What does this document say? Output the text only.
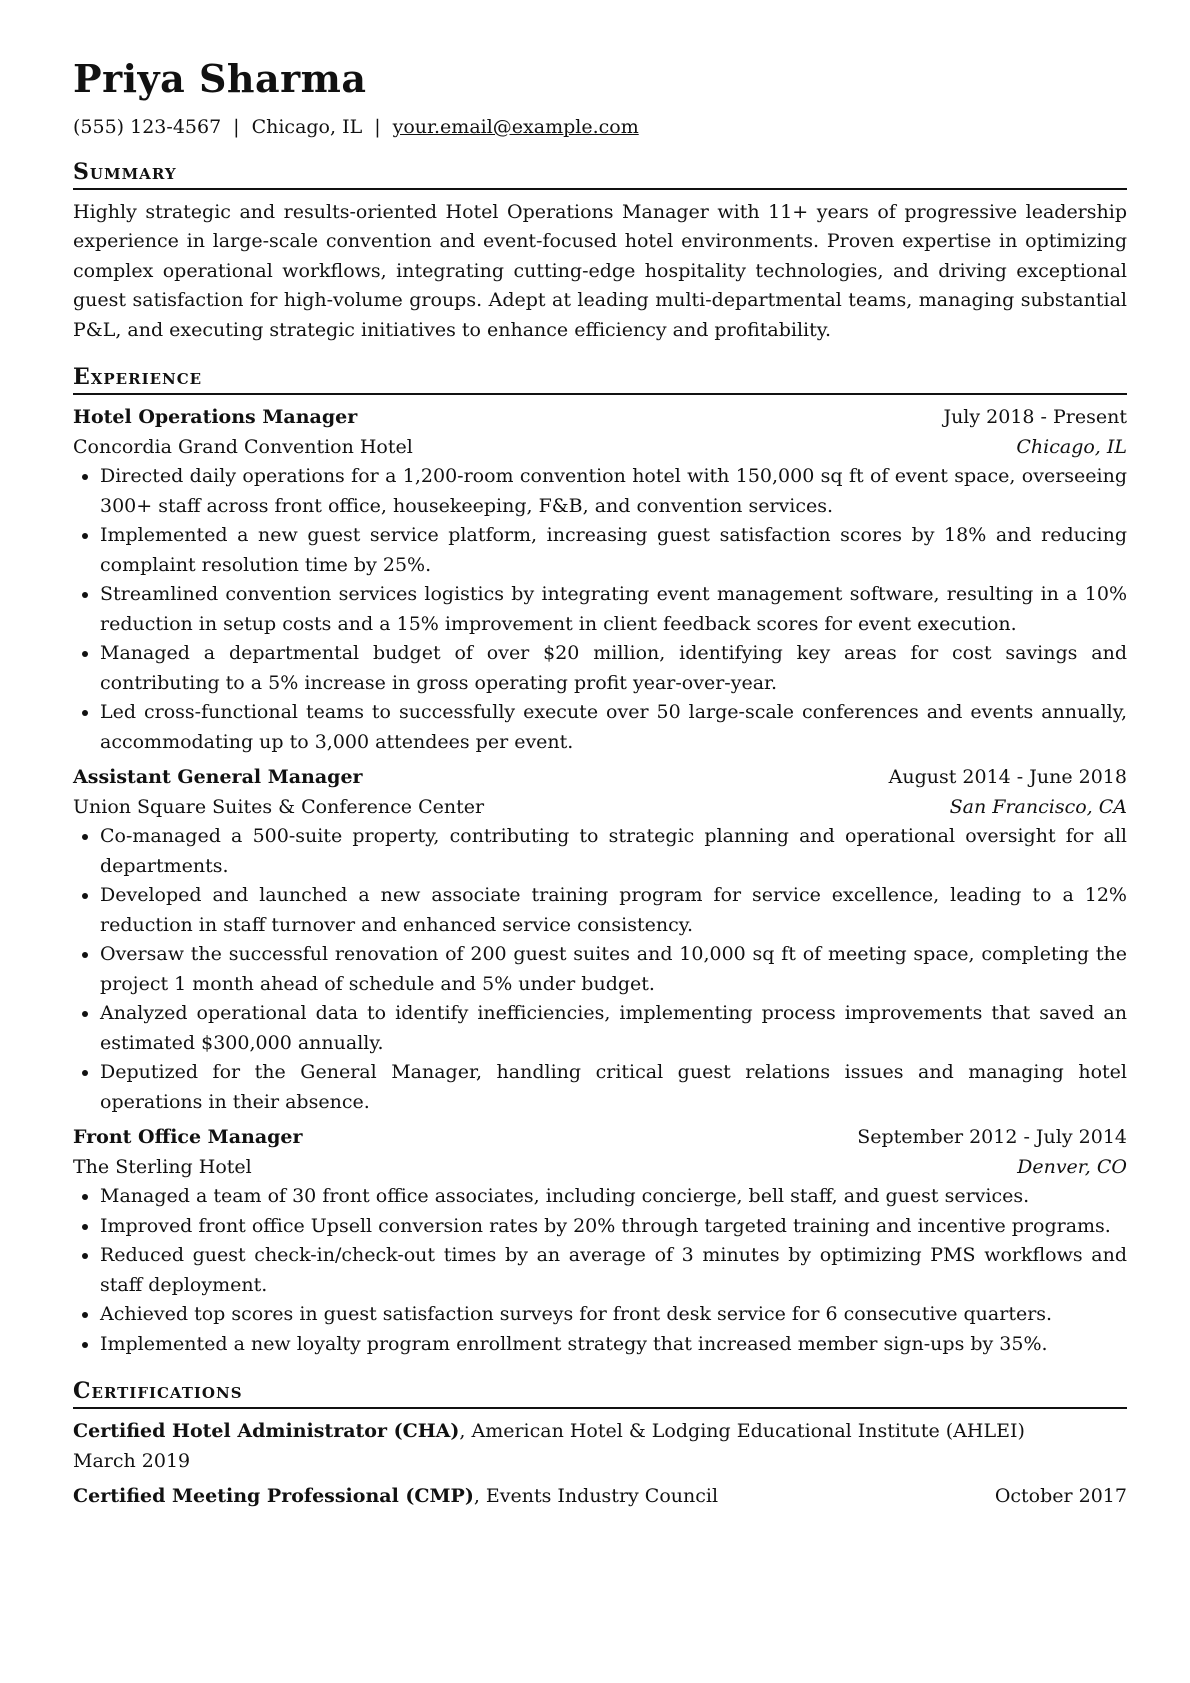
Priya Sharma
(555) 123-4567 | Chicago, IL | your.email@example.com
Summary

Highly strategic and results-oriented Hotel Operations Manager with 11+ years of progressive leadership experience in large-scale convention and event-focused hotel environments. Proven expertise in optimizing complex operational workflows, integrating cutting-edge hospitality technologies, and driving exceptional guest satisfaction for high-volume groups. Adept at leading multi-departmental teams, managing substantial P&L, and executing strategic initiatives to enhance efficiency and profitability.

Experience
Hotel Operations Manager	July 2018 - Present
Concordia Grand Convention Hotel	Chicago, IL
• Directed daily operations for a 1,200-room convention hotel with 150,000 sq ft of event space, overseeing 300+ staff across front office, housekeeping, F&B, and convention services.
• Implemented a new guest service platform, increasing guest satisfaction scores by 18% and reducing complaint resolution time by 25%.
• Streamlined convention services logistics by integrating event management software, resulting in a 10% reduction in setup costs and a 15% improvement in client feedback scores for event execution.
• Managed a departmental budget of over $20 million, identifying key areas for cost savings and contributing to a 5% increase in gross operating profit year-over-year.
• Led cross-functional teams to successfully execute over 50 large-scale conferences and events annually, accommodating up to 3,000 attendees per event.
Assistant General Manager	August 2014 - June 2018
Union Square Suites & Conference Center	San Francisco, CA
• Co-managed a 500-suite property, contributing to strategic planning and operational oversight for all departments.
• Developed and launched a new associate training program for service excellence, leading to a 12% reduction in staff turnover and enhanced service consistency.
• Oversaw the successful renovation of 200 guest suites and 10,000 sq ft of meeting space, completing the project 1 month ahead of schedule and 5% under budget.
• Analyzed operational data to identify inefficiencies, implementing process improvements that saved an estimated $300,000 annually.
• Deputized for the General Manager, handling critical guest relations issues and managing hotel operations in their absence.
Front Office Manager	September 2012 - July 2014
The Sterling Hotel	Denver, CO
• Managed a team of 30 front office associates, including concierge, bell staff, and guest services.
• Improved front office Upsell conversion rates by 20% through targeted training and incentive programs.
• Reduced guest check-in/check-out times by an average of 3 minutes by optimizing PMS workflows and staff deployment.
• Achieved top scores in guest satisfaction surveys for front desk service for 6 consecutive quarters.
• Implemented a new loyalty program enrollment strategy that increased member sign-ups by 35%.
Certifications
Certified Hotel Administrator (CHA), American Hotel & Lodging Educational Institute (AHLEI)
March 2019
Certified Meeting Professional (CMP), Events Industry Council	October 2017
